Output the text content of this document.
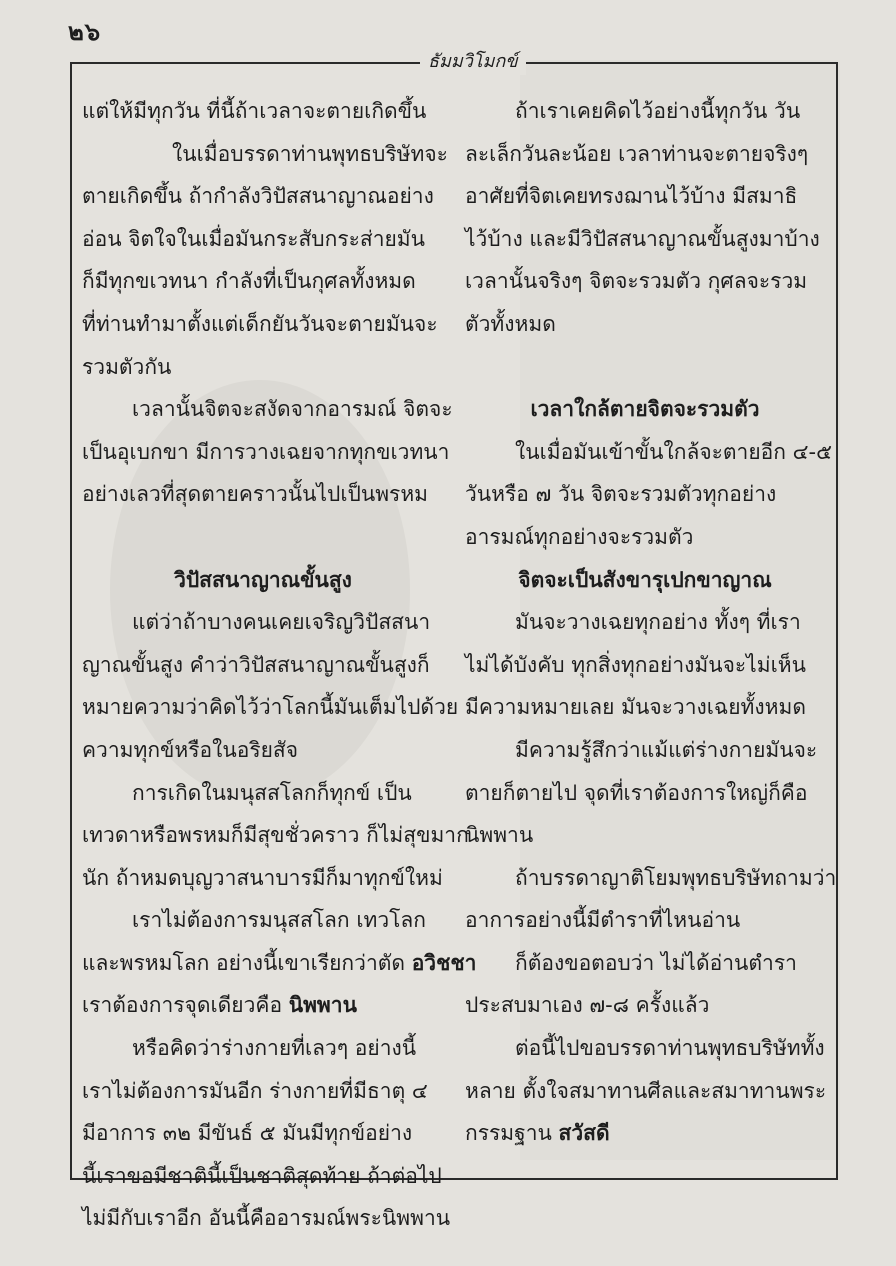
๒๖
ธัมมวิโมกข์
แต่ให้มีทุกวัน ที่นี้ถ้าเวลาจะตายเกิดขึ้น
ในเมื่อบรรดาท่านพุทธบริษัทจะ
ตายเกิดขึ้น ถ้ากำลังวิปัสสนาญาณอย่าง
อ่อน จิตใจในเมื่อมันกระสับกระส่ายมัน
ก็มีทุกขเวทนา กำลังที่เป็นกุศลทั้งหมด
ที่ท่านทำมาตั้งแต่เด็กยันวันจะตายมันจะ
รวมตัวกัน
เวลานั้นจิตจะสงัดจากอารมณ์ จิตจะ
เป็นอุเบกขา มีการวางเฉยจากทุกขเวทนา
อย่างเลวที่สุดตายคราวนั้นไปเป็นพรหม
วิปัสสนาญาณขั้นสูง
แต่ว่าถ้าบางคนเคยเจริญวิปัสสนา
ญาณขั้นสูง คำว่าวิปัสสนาญาณขั้นสูงก็
หมายความว่าคิดไว้ว่าโลกนี้มันเต็มไปด้วย
ความทุกข์หรือในอริยสัจ
การเกิดในมนุสสโลกก็ทุกข์ เป็น
เทวดาหรือพรหมก็มีสุขชั่วคราว ก็ไม่สุขมาก
นัก ถ้าหมดบุญวาสนาบารมีก็มาทุกข์ใหม่
เราไม่ต้องการมนุสสโลก เทวโลก
และพรหมโลก อย่างนี้เขาเรียกว่าตัด อวิชชา
เราต้องการจุดเดียวคือ นิพพาน
หรือคิดว่าร่างกายที่เลวๆ อย่างนี้
เราไม่ต้องการมันอีก ร่างกายที่มีธาตุ ๔
มีอาการ ๓๒ มีขันธ์ ๕ มันมีทุกข์อย่าง
นี้เราขอมีชาตินี้เป็นชาติสุดท้าย ถ้าต่อไป
ไม่มีกับเราอีก อันนี้คืออารมณ์พระนิพพาน
ถ้าเราเคยคิดไว้อย่างนี้ทุกวัน วัน
ละเล็กวันละน้อย เวลาท่านจะตายจริงๆ
อาศัยที่จิตเคยทรงฌานไว้บ้าง มีสมาธิ
ไว้บ้าง และมีวิปัสสนาญาณขั้นสูงมาบ้าง
เวลานั้นจริงๆ จิตจะรวมตัว กุศลจะรวม
ตัวทั้งหมด
เวลาใกล้ตายจิตจะรวมตัว
ในเมื่อมันเข้าขั้นใกล้จะตายอีก ๔-๕
วันหรือ ๗ วัน จิตจะรวมตัวทุกอย่าง
อารมณ์ทุกอย่างจะรวมตัว
จิตจะเป็นสังขารุเปกขาญาณ
มันจะวางเฉยทุกอย่าง ทั้งๆ ที่เรา
ไม่ได้บังคับ ทุกสิ่งทุกอย่างมันจะไม่เห็น
มีความหมายเลย มันจะวางเฉยทั้งหมด
มีความรู้สึกว่าแม้แต่ร่างกายมันจะ
ตายก็ตายไป จุดที่เราต้องการใหญ่ก็คือ
นิพพาน
ถ้าบรรดาญาติโยมพุทธบริษัทถามว่า
อาการอย่างนี้มีตำราที่ไหนอ่าน
ก็ต้องขอตอบว่า ไม่ได้อ่านตำรา
ประสบมาเอง ๗-๘ ครั้งแล้ว
ต่อนี้ไปขอบรรดาท่านพุทธบริษัททั้ง
หลาย ตั้งใจสมาทานศีลและสมาทานพระ
กรรมฐาน สวัสดี
